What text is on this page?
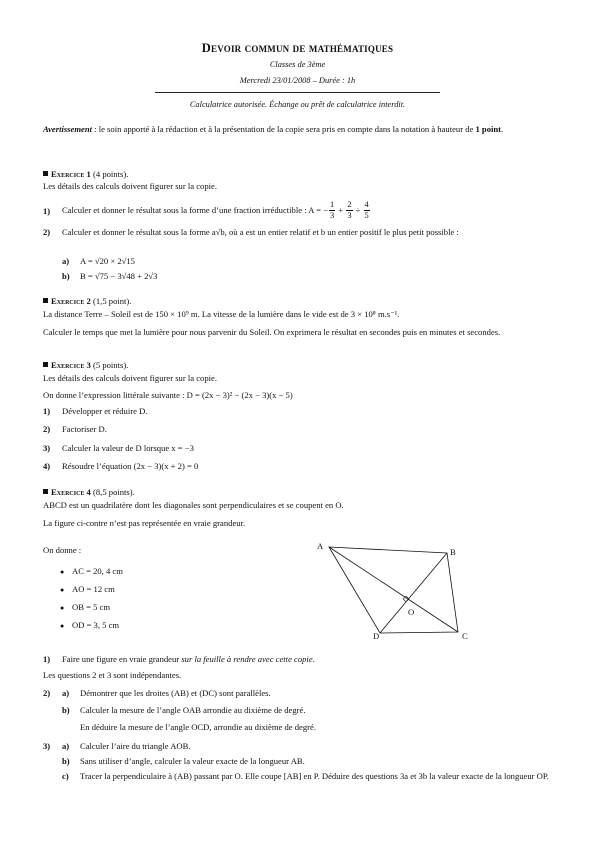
Devoir commun de mathématiques
Classes de 3ème
Mercredi 23/01/2008 – Durée : 1h
Calculatrice autorisée. Échange ou prêt de calculatrice interdit.
Avertissement : le soin apporté à la rédaction et à la présentation de la copie sera pris en compte dans la notation à hauteur de 1 point.
Exercice 1 (4 points).
Les détails des calculs doivent figurer sur la copie.
1) Calculer et donner le résultat sous la forme d’une fraction irréductible : A = − $\frac{1}{3} + \frac{2}{3} \div \frac{4}{5}$
2) Calculer et donner le résultat sous la forme a√b, où a est un entier relatif et b un entier positif le plus petit possible :
a) A = √20 × 2√15
b) B = √75 − 3√48 + 2√3
Exercice 2 (1,5 point).
La distance Terre – Soleil est de 150 × 10⁹ m. La vitesse de la lumière dans le vide est de 3 × 10⁸ m.s⁻¹.
Calculer le temps que met la lumière pour nous parvenir du Soleil. On exprimera le résultat en secondes puis en minutes et secondes.
Exercice 3 (5 points).
Les détails des calculs doivent figurer sur la copie.
On donne l’expression littérale suivante : D = (2x − 3)² − (2x − 3)(x − 5)
1) Développer et réduire D.
2) Factoriser D.
3) Calculer la valeur de D lorsque x = −3
4) Résoudre l’équation (2x − 3)(x + 2) = 0
Exercice 4 (8,5 points).
ABCD est un quadrilatère dont les diagonales sont perpendiculaires et se coupent en O.
La figure ci-contre n’est pas représentée en vraie grandeur.
On donne :
● AC = 20, 4 cm
● AO = 12 cm
● OB = 5 cm
● OD = 3, 5 cm
A
B
C
D
O
1) Faire une figure en vraie grandeur sur la feuille à rendre avec cette copie.
Les questions 2 et 3 sont indépendantes.
2) a) Démontrer que les droites (AB) et (DC) sont parallèles.
b) Calculer la mesure de l’angle OAB arrondie au dixième de degré.
En déduire la mesure de l’angle OCD, arrondie au dixième de degré.
3) a) Calculer l’aire du triangle AOB.
b) Sans utiliser d’angle, calculer la valeur exacte de la longueur AB.
c) Tracer la perpendiculaire à (AB) passant par O. Elle coupe [AB] en P. Déduire des questions 3a et 3b la valeur exacte de la longueur OP.
